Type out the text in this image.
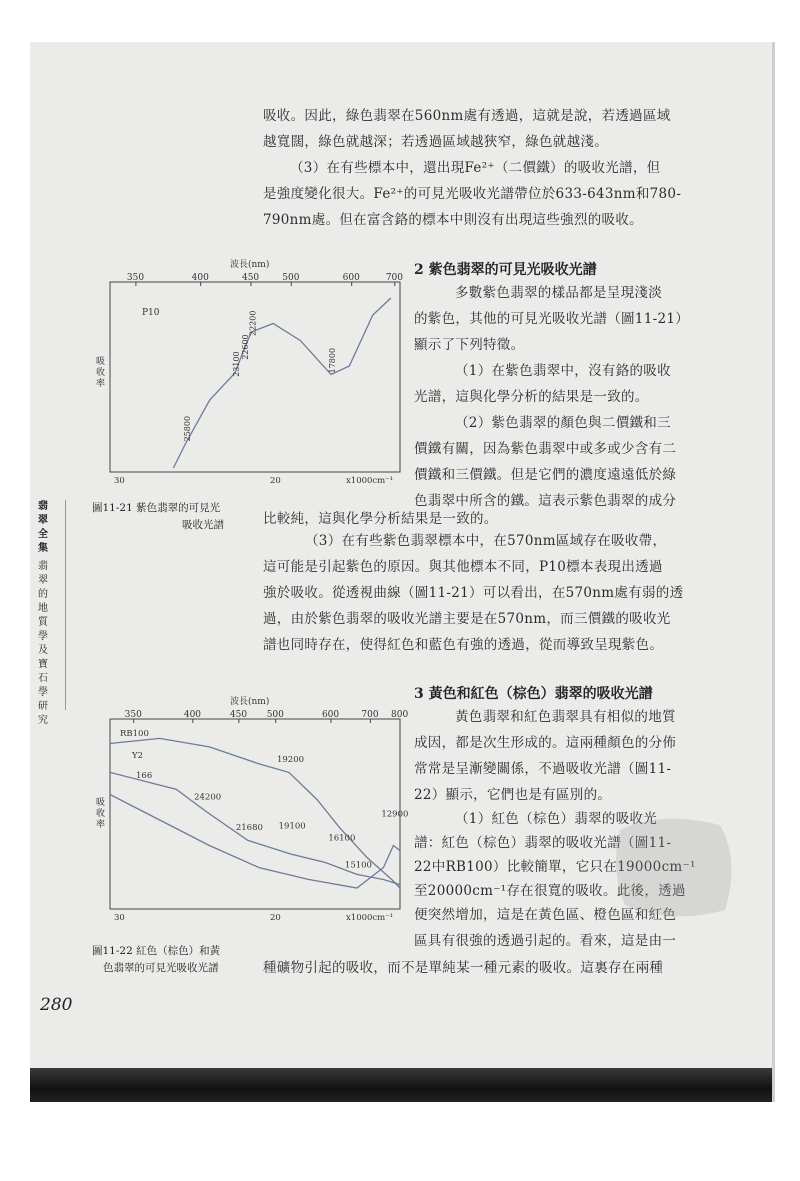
吸收。因此，綠色翡翠在560nm處有透過，這就是說，若透過區域
越寬闊，綠色就越深；若透過區域越狹窄，綠色就越淺。
（3）在有些標本中，還出現Fe²⁺（二價鐵）的吸收光譜，但
是強度變化很大。Fe²⁺的可見光吸收光譜帶位於633-643nm和780-
790nm處。但在富含鉻的標本中則沒有出現這些強烈的吸收。
波長(nm)
350	400	450	500	600	700
30	20	x1000cm⁻¹
P10
25800
23100
22600
22200
17800
吸收率
2 紫色翡翠的可見光吸收光譜
多數紫色翡翠的樣品都是呈現淺淡
的紫色，其他的可見光吸收光譜（圖11-21）
顯示了下列特徵。
（1）在紫色翡翠中，沒有鉻的吸收
光譜，這與化學分析的結果是一致的。
（2）紫色翡翠的顏色與二價鐵和三
價鐵有關，因為紫色翡翠中或多或少含有二
價鐵和三價鐵。但是它們的濃度遠遠低於綠
色翡翠中所含的鐵。這表示紫色翡翠的成分
圖11-21 紫色翡翠的可見光
吸收光譜	比較純，這與化學分析結果是一致的。
（3）在有些紫色翡翠標本中，在570nm區域存在吸收帶，
這可能是引起紫色的原因。與其他標本不同，P10標本表現出透過
強於吸收。從透視曲線（圖11-21）可以看出，在570nm處有弱的透
過，由於紫色翡翠的吸收光譜主要是在570nm，而三價鐵的吸收光
譜也同時存在，使得紅色和藍色有強的透過，從而導致呈現紫色。
翡翠全集
翡翠的地質學及寶石學研究
波長(nm)
350	400	450 500	600 700 800
30	20	x1000cm⁻¹
RB100
Y2
166
24200
19200
21680 19100
16100
15100
12900
吸收率
3 黃色和紅色（棕色）翡翠的吸收光譜
黃色翡翠和紅色翡翠具有相似的地質
成因，都是次生形成的。這兩種顏色的分佈
常常是呈漸變關係，不過吸收光譜（圖11-
22）顯示，它們也是有區別的。
（1）紅色（棕色）翡翠的吸收光
譜：紅色（棕色）翡翠的吸收光譜（圖11-
22中RB100）比較簡單，它只在19000cm⁻¹
至20000cm⁻¹存在很寬的吸收。此後，透過
便突然增加，這是在黃色區、橙色區和紅色
區具有很強的透過引起的。看來，這是由一
圖11-22 紅色（棕色）和黃
色翡翠的可見光吸收光譜	種礦物引起的吸收，而不是單純某一種元素的吸收。這裏存在兩種
280
